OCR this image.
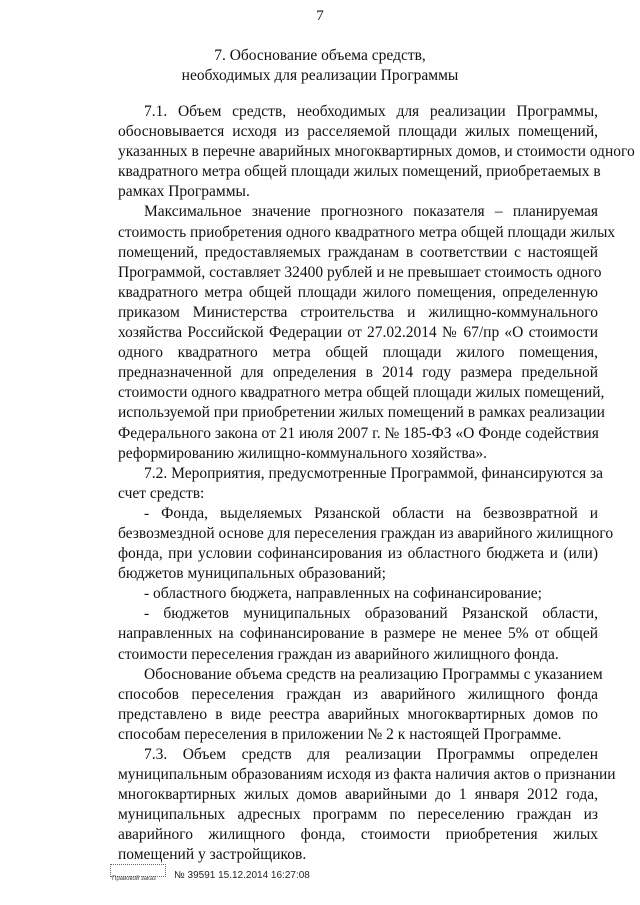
7
7. Обоснование объема средств,
необходимых для реализации Программы
7.1. Объем средств, необходимых для реализации Программы,
обосновывается исходя из расселяемой площади жилых помещений,
указанных в перечне аварийных многоквартирных домов, и стоимости одного
квадратного метра общей площади жилых помещений, приобретаемых в
рамках Программы.
Максимальное значение прогнозного показателя – планируемая
стоимость приобретения одного квадратного метра общей площади жилых
помещений, предоставляемых гражданам в соответствии с настоящей
Программой, составляет 32400 рублей и не превышает стоимость одного
квадратного метра общей площади жилого помещения, определенную
приказом Министерства строительства и жилищно-коммунального
хозяйства Российской Федерации от 27.02.2014 № 67/пр «О стоимости
одного квадратного метра общей площади жилого помещения,
предназначенной для определения в 2014 году размера предельной
стоимости одного квадратного метра общей площади жилых помещений,
используемой при приобретении жилых помещений в рамках реализации
Федерального закона от 21 июля 2007 г. № 185-ФЗ «О Фонде содействия
реформированию жилищно-коммунального хозяйства».
7.2. Мероприятия, предусмотренные Программой, финансируются за
счет средств:
- Фонда, выделяемых Рязанской области на безвозвратной и
безвозмездной основе для переселения граждан из аварийного жилищного
фонда, при условии софинансирования из областного бюджета и (или)
бюджетов муниципальных образований;
- областного бюджета, направленных на софинансирование;
- бюджетов муниципальных образований Рязанской области,
направленных на софинансирование в размере не менее 5% от общей
стоимости переселения граждан из аварийного жилищного фонда.
Обоснование объема средств на реализацию Программы с указанием
способов переселения граждан из аварийного жилищного фонда
представлено в виде реестра аварийных многоквартирных домов по
способам переселения в приложении № 2 к настоящей Программе.
7.3. Объем средств для реализации Программы определен
муниципальным образованиям исходя из факта наличия актов о признании
многоквартирных жилых домов аварийными до 1 января 2012 года,
муниципальных адресных программ по переселению граждан из
аварийного жилищного фонда, стоимости приобретения жилых
помещений у застройщиков.
Правовой заказ № 39591 15.12.2014 16:27:08
